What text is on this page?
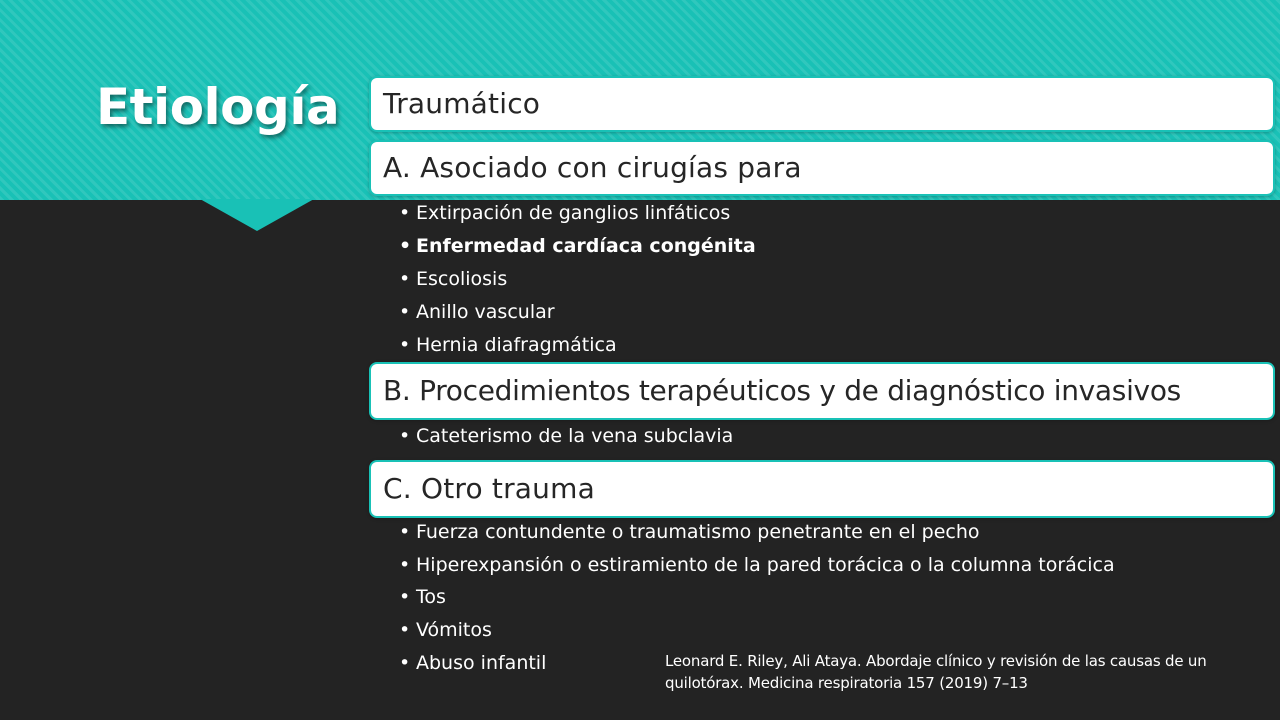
Etiología Traumático
A. Asociado con cirugías para
• Extirpación de ganglios linfáticos
• Enfermedad cardíaca congénita
• Escoliosis
• Anillo vascular
• Hernia diafragmática
B. Procedimientos terapéuticos y de diagnóstico invasivos
• Cateterismo de la vena subclavia
C. Otro trauma
• Fuerza contundente o traumatismo penetrante en el pecho
• Hiperexpansión o estiramiento de la pared torácica o la columna torácica
• Tos
• Vómitos
• Abuso infantil	Leonard E. Riley, Ali Ataya. Abordaje clínico y revisión de las causas de un quilotórax. Medicina respiratoria 157 (2019) 7–13
